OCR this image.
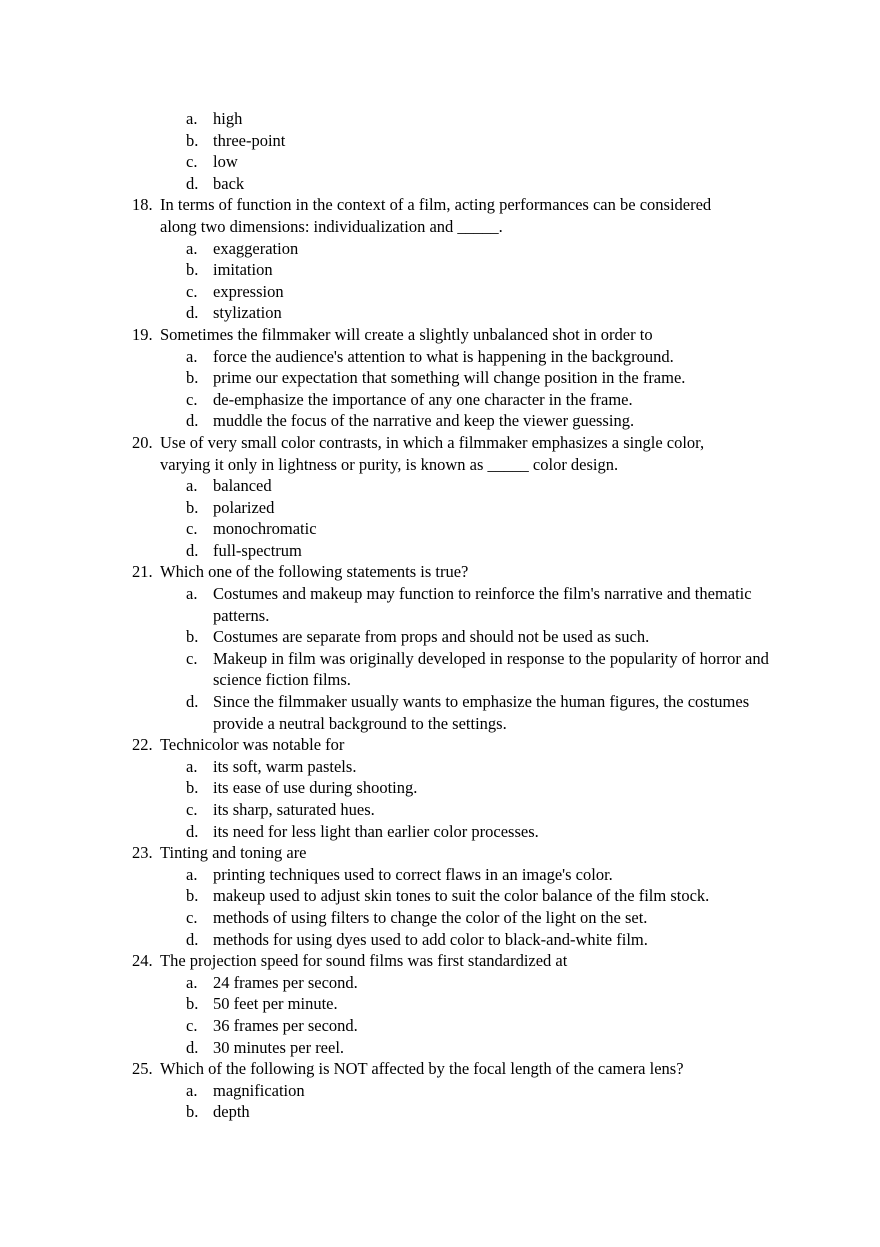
a. high
b. three-point
c. low
d. back
18. In terms of function in the context of a film, acting performances can be considered
along two dimensions: individualization and _____.
a. exaggeration
b. imitation
c. expression
d. stylization
19. Sometimes the filmmaker will create a slightly unbalanced shot in order to
a. force the audience's attention to what is happening in the background.
b. prime our expectation that something will change position in the frame.
c. de-emphasize the importance of any one character in the frame.
d. muddle the focus of the narrative and keep the viewer guessing.
20. Use of very small color contrasts, in which a filmmaker emphasizes a single color,
varying it only in lightness or purity, is known as _____ color design.
a. balanced
b. polarized
c. monochromatic
d. full-spectrum
21. Which one of the following statements is true?
a. Costumes and makeup may function to reinforce the film's narrative and thematic patterns.
b. Costumes are separate from props and should not be used as such.
c. Makeup in film was originally developed in response to the popularity of horror and science fiction films.
d. Since the filmmaker usually wants to emphasize the human figures, the costumes provide a neutral background to the settings.
22. Technicolor was notable for
a. its soft, warm pastels.
b. its ease of use during shooting.
c. its sharp, saturated hues.
d. its need for less light than earlier color processes.
23. Tinting and toning are
a. printing techniques used to correct flaws in an image's color.
b. makeup used to adjust skin tones to suit the color balance of the film stock.
c. methods of using filters to change the color of the light on the set.
d. methods for using dyes used to add color to black-and-white film.
24. The projection speed for sound films was first standardized at
a. 24 frames per second.
b. 50 feet per minute.
c. 36 frames per second.
d. 30 minutes per reel.
25. Which of the following is NOT affected by the focal length of the camera lens?
a. magnification
b. depth
